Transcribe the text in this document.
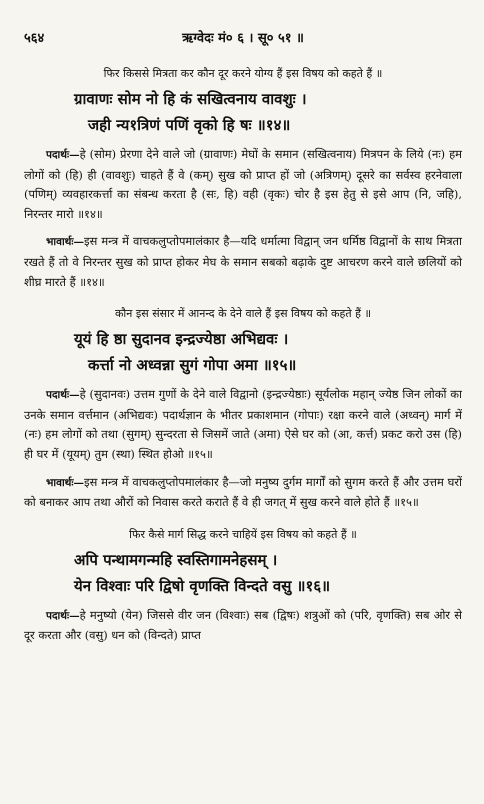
५६४	ऋग्वेदः मं० ६ । सू० ५१ ॥
फिर किससे मित्रता कर कौन दूर करने योग्य हैं इस विषय को कहते हैं ॥
ग्रावाणः सोम नो हि कं सखित्वनाय वावशुः ।
जही न्य१त्रिणं पणिं वृको हि षः ॥१४॥

पदार्थः—हे (सोम) प्रेरणा देने वाले जो (ग्रावाणः) मेघों के समान (सखित्वनाय) मित्रपन के लिये (नः) हम लोगों को (हि) ही (वावशुः) चाहते हैं वे (कम्) सुख को प्राप्त हों जो (अत्रिणम्) दूसरे का सर्वस्व हरनेवाला (पणिम्) व्यवहारकर्त्ता का संबन्ध करता है (सः, हि) वही (वृकः) चोर है इस हेतु से इसे आप (नि, जहि), निरन्तर मारो ॥१४॥

भावार्थः—इस मन्त्र में वाचकलुप्तोपमालंकार है—यदि धर्मात्मा विद्वान् जन धर्मिष्ठ विद्वानों के साथ मित्रता रखते हैं तो वे निरन्तर सुख को प्राप्त होकर मेघ के समान सबको बढ़ाके दुष्ट आचरण करने वाले छलियों को शीघ्र मारते हैं ॥१४॥

कौन इस संसार में आनन्द के देने वाले हैं इस विषय को कहते हैं ॥
यूयं हि ष्ठा सुदानव इन्द्रज्येष्ठा अभिद्यवः ।
कर्त्ता नो अध्वन्ना सुगं गोपा अमा ॥१५॥

पदार्थः—हे (सुदानवः) उत्तम गुणों के देने वाले विद्वानो (इन्द्रज्येष्ठाः) सूर्यलोक महान् ज्येष्ठ जिन लोकों का उनके समान वर्त्तमान (अभिद्यवः) पदार्थज्ञान के भीतर प्रकाशमान (गोपाः) रक्षा करने वाले (अध्वन्) मार्ग में (नः) हम लोगों को तथा (सुगम्) सुन्दरता से जिसमें जाते (अमा) ऐसे घर को (आ, कर्त्त) प्रकट करो उस (हि) ही घर में (यूयम्) तुम (स्था) स्थित होओ ॥१५॥

भावार्थः—इस मन्त्र में वाचकलुप्तोपमालंकार है—जो मनुष्य दुर्गम मार्गों को सुगम करते हैं और उत्तम घरों को बनाकर आप तथा औरों को निवास करते कराते हैं वे ही जगत् में सुख करने वाले होते हैं ॥१५॥

फिर कैसे मार्ग सिद्ध करने चाहियें इस विषय को कहते हैं ॥
अपि पन्थामगन्महि स्वस्तिगामनेहसम् ।
येन विश्वाः परि द्विषो वृणक्ति विन्दते वसु ॥१६॥

पदार्थः—हे मनुष्यो (येन) जिससे वीर जन (विश्वाः) सब (द्विषः) शत्रुओं को (परि, वृणक्ति) सब ओर से दूर करता और (वसु) धन को (विन्दते) प्राप्त
